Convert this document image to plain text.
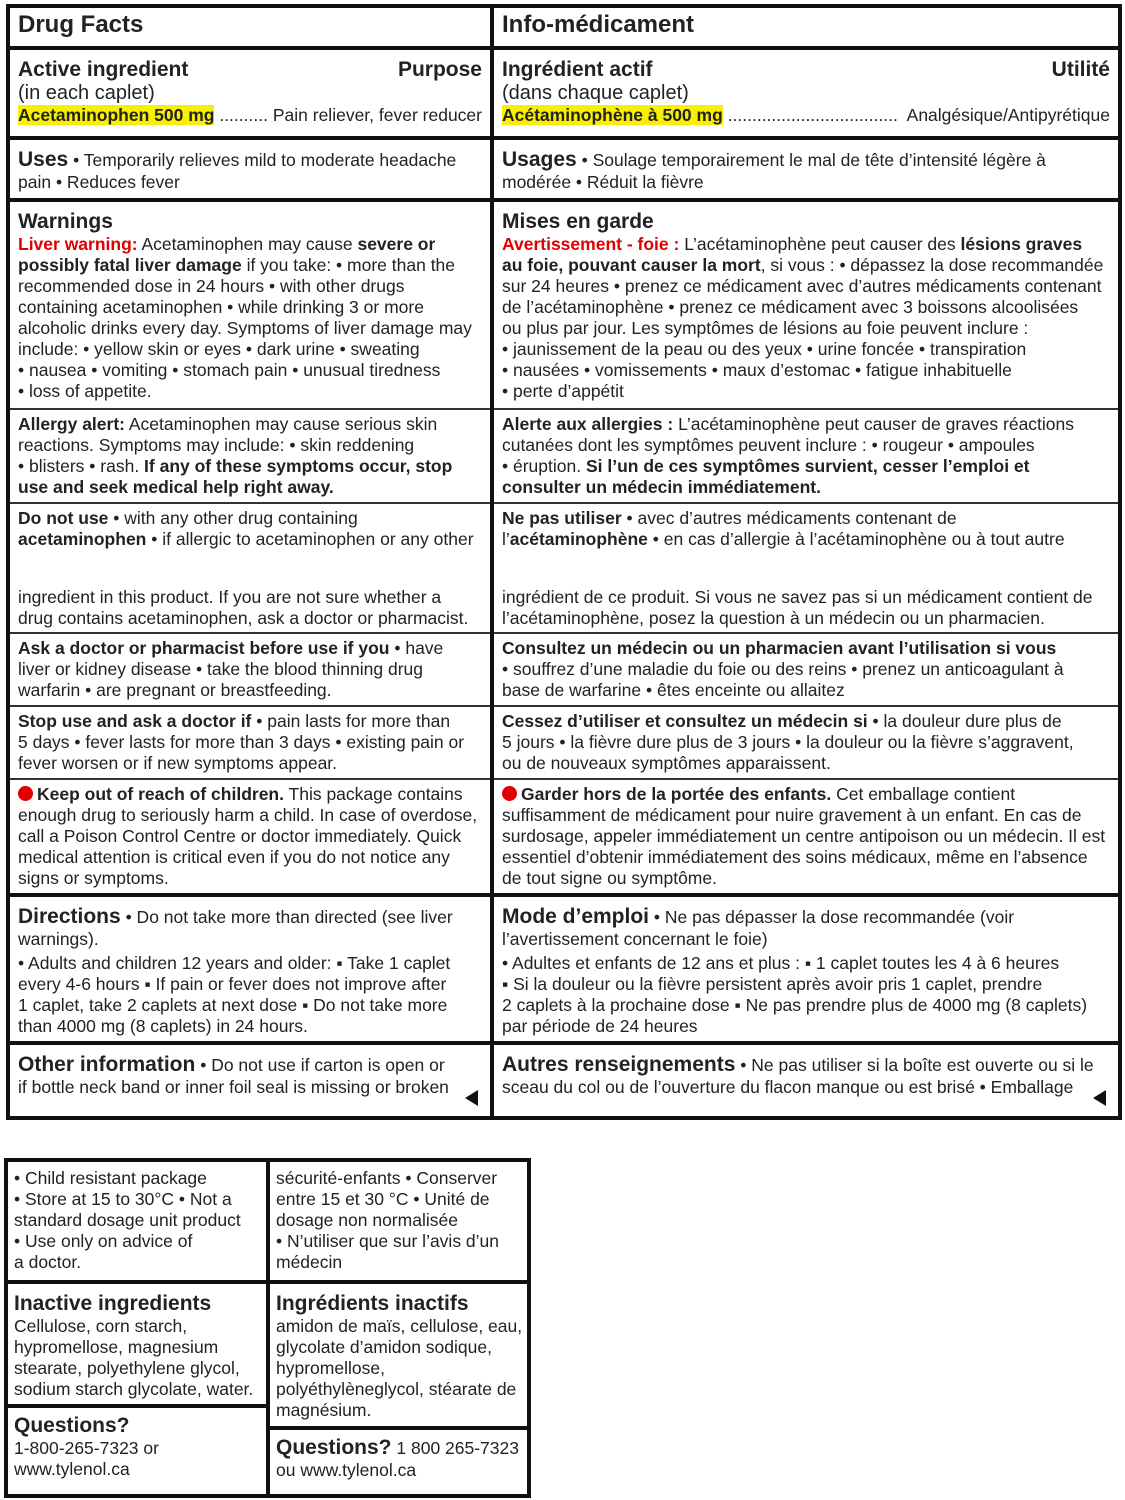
Drug Facts
Active ingredient	Purpose
(in each caplet)
Acetaminophen 500 mg .......... Pain reliever, fever reducer
Uses • Temporarily relieves mild to moderate headache
pain • Reduces fever
Warnings
Liver warning: Acetaminophen may cause severe or
possibly fatal liver damage if you take: • more than the
recommended dose in 24 hours • with other drugs
containing acetaminophen • while drinking 3 or more
alcoholic drinks every day. Symptoms of liver damage may
include: • yellow skin or eyes • dark urine • sweating
• nausea • vomiting • stomach pain • unusual tiredness
• loss of appetite.
Allergy alert: Acetaminophen may cause serious skin
reactions. Symptoms may include: • skin reddening
• blisters • rash. If any of these symptoms occur, stop
use and seek medical help right away.
Do not use • with any other drug containing
acetaminophen • if allergic to acetaminophen or any other
ingredient in this product. If you are not sure whether a
drug contains acetaminophen, ask a doctor or pharmacist.
Ask a doctor or pharmacist before use if you • have
liver or kidney disease • take the blood thinning drug
warfarin • are pregnant or breastfeeding.
Stop use and ask a doctor if • pain lasts for more than
5 days • fever lasts for more than 3 days • existing pain or
fever worsen or if new symptoms appear.
Keep out of reach of children. This package contains
enough drug to seriously harm a child. In case of overdose,
call a Poison Control Centre or doctor immediately. Quick
medical attention is critical even if you do not notice any
signs or symptoms.
Directions • Do not take more than directed (see liver
warnings).
• Adults and children 12 years and older: ▪ Take 1 caplet
every 4-6 hours ▪ If pain or fever does not improve after
1 caplet, take 2 caplets at next dose ▪ Do not take more
than 4000 mg (8 caplets) in 24 hours.
Other information • Do not use if carton is open or
if bottle neck band or inner foil seal is missing or broken
Info-médicament
Ingrédient actif	Utilité
(dans chaque caplet)
Acétaminophène à 500 mg ................................... Analgésique/Antipyrétique
Usages • Soulage temporairement le mal de tête d’intensité légère à
modérée • Réduit la fièvre
Mises en garde
Avertissement - foie : L’acétaminophène peut causer des lésions graves
au foie, pouvant causer la mort, si vous : • dépassez la dose recommandée
sur 24 heures • prenez ce médicament avec d’autres médicaments contenant
de l’acétaminophène • prenez ce médicament avec 3 boissons alcoolisées
ou plus par jour. Les symptômes de lésions au foie peuvent inclure :
• jaunissement de la peau ou des yeux • urine foncée • transpiration
• nausées • vomissements • maux d’estomac • fatigue inhabituelle
• perte d’appétit
Alerte aux allergies : L’acétaminophène peut causer de graves réactions
cutanées dont les symptômes peuvent inclure : • rougeur • ampoules
• éruption. Si l’un de ces symptômes survient, cesser l’emploi et
consulter un médecin immédiatement.
Ne pas utiliser • avec d’autres médicaments contenant de
l’acétaminophène • en cas d’allergie à l’acétaminophène ou à tout autre
ingrédient de ce produit. Si vous ne savez pas si un médicament contient de
l’acétaminophène, posez la question à un médecin ou un pharmacien.
Consultez un médecin ou un pharmacien avant l’utilisation si vous
• souffrez d’une maladie du foie ou des reins • prenez un anticoagulant à
base de warfarine • êtes enceinte ou allaitez
Cessez d’utiliser et consultez un médecin si • la douleur dure plus de
5 jours • la fièvre dure plus de 3 jours • la douleur ou la fièvre s’aggravent,
ou de nouveaux symptômes apparaissent.
Garder hors de la portée des enfants. Cet emballage contient
suffisamment de médicament pour nuire gravement à un enfant. En cas de
surdosage, appeler immédiatement un centre antipoison ou un médecin. Il est
essentiel d’obtenir immédiatement des soins médicaux, même en l’absence
de tout signe ou symptôme.
Mode d’emploi • Ne pas dépasser la dose recommandée (voir
l’avertissement concernant le foie)
• Adultes et enfants de 12 ans et plus : ▪ 1 caplet toutes les 4 à 6 heures
▪ Si la douleur ou la fièvre persistent après avoir pris 1 caplet, prendre
2 caplets à la prochaine dose ▪ Ne pas prendre plus de 4000 mg (8 caplets)
par période de 24 heures
Autres renseignements • Ne pas utiliser si la boîte est ouverte ou si le
sceau du col ou de l’ouverture du flacon manque ou est brisé • Emballage
• Child resistant package
• Store at 15 to 30°C • Not a
standard dosage unit product
• Use only on advice of
a doctor.
Inactive ingredients
Cellulose, corn starch,
hypromellose, magnesium
stearate, polyethylene glycol,
sodium starch glycolate, water.
Questions?
1-800-265-7323 or
www.tylenol.ca
sécurité-enfants • Conserver
entre 15 et 30 °C • Unité de
dosage non normalisée
• N’utiliser que sur l’avis d’un
médecin
Ingrédients inactifs
amidon de maïs, cellulose, eau,
glycolate d’amidon sodique,
hypromellose,
polyéthylèneglycol, stéarate de
magnésium.
Questions? 1 800 265-7323
ou www.tylenol.ca
